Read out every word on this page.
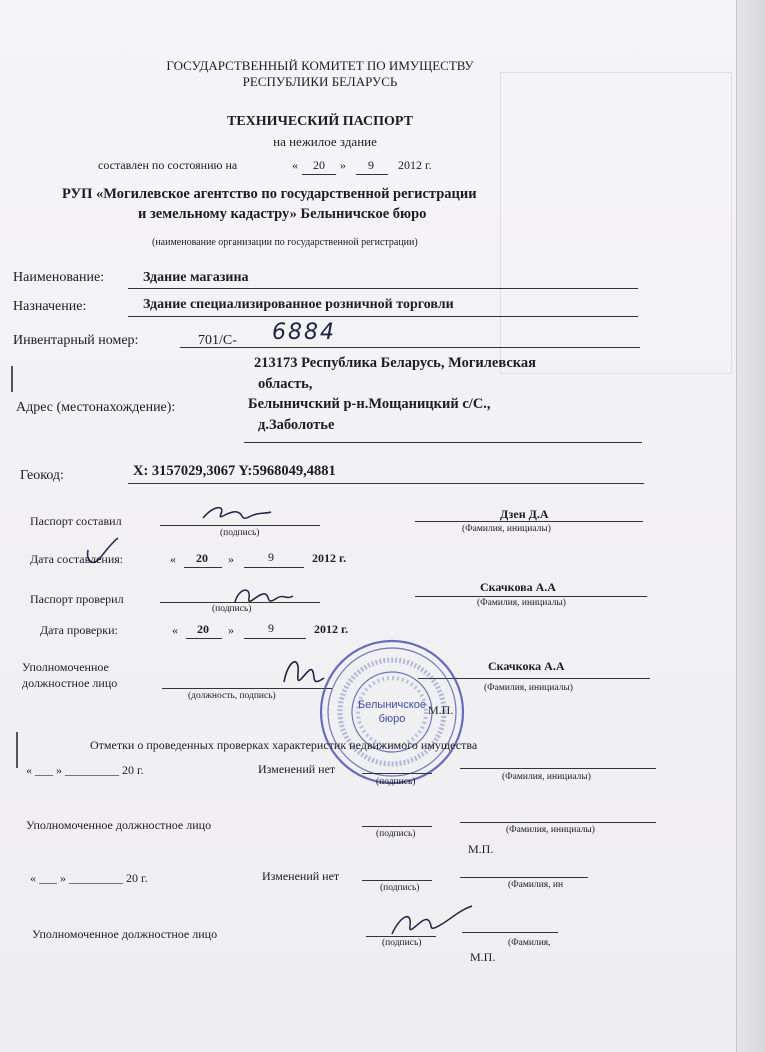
ГОСУДАРСТВЕННЫЙ КОМИТЕТ ПО ИМУЩЕСТВУ
РЕСПУБЛИКИ БЕЛАРУСЬ
ТЕХНИЧЕСКИЙ ПАСПОРТ
на нежилое здание
составлен по состоянию на	«	20	»	9	2012 г.
РУП «Могилевское агентство по государственной регистрации
и земельному кадастру» Белыничское бюро
(наименование организации по государственной регистрации)
Наименование:	Здание магазина
Назначение:	Здание специализированное розничной торговли
Инвентарный номер:	701/С- 6884
213173 Республика Беларусь, Могилевская
область,
Адрес (местонахождение):	Белыничский р-н.Мощаницкий с/С.,
д.Заболотье
Геокод:	X: 3157029,3067 Y:5968049,4881
Паспорт составил
(подпись)
Дзен Д.А
(Фамилия, инициалы)
Дата составления:	«	20	»	9	2012 г.
Паспорт проверил
(подпись)
Скачкова А.А
(Фамилия, инициалы)
Дата проверки:	«	20	»	9	2012 г.
Уполномоченное
должностное лицо
(должность, подпись)
Скачкока А.А
(Фамилия, инициалы)
М.П.
Белыничское
бюро
Отметки о проведенных проверках характеристик недвижимого имущества
« ___ » _________ 20 г.	Изменений нет
(подпись)	(Фамилия, инициалы)
Уполномоченное должностное лицо
(подпись)	(Фамилия, инициалы)
М.П.
« ___ » _________ 20 г.	Изменений нет
(подпись)	(Фамилия, ин
Уполномоченное должностное лицо
(подпись)	(Фамилия,
М.П.
